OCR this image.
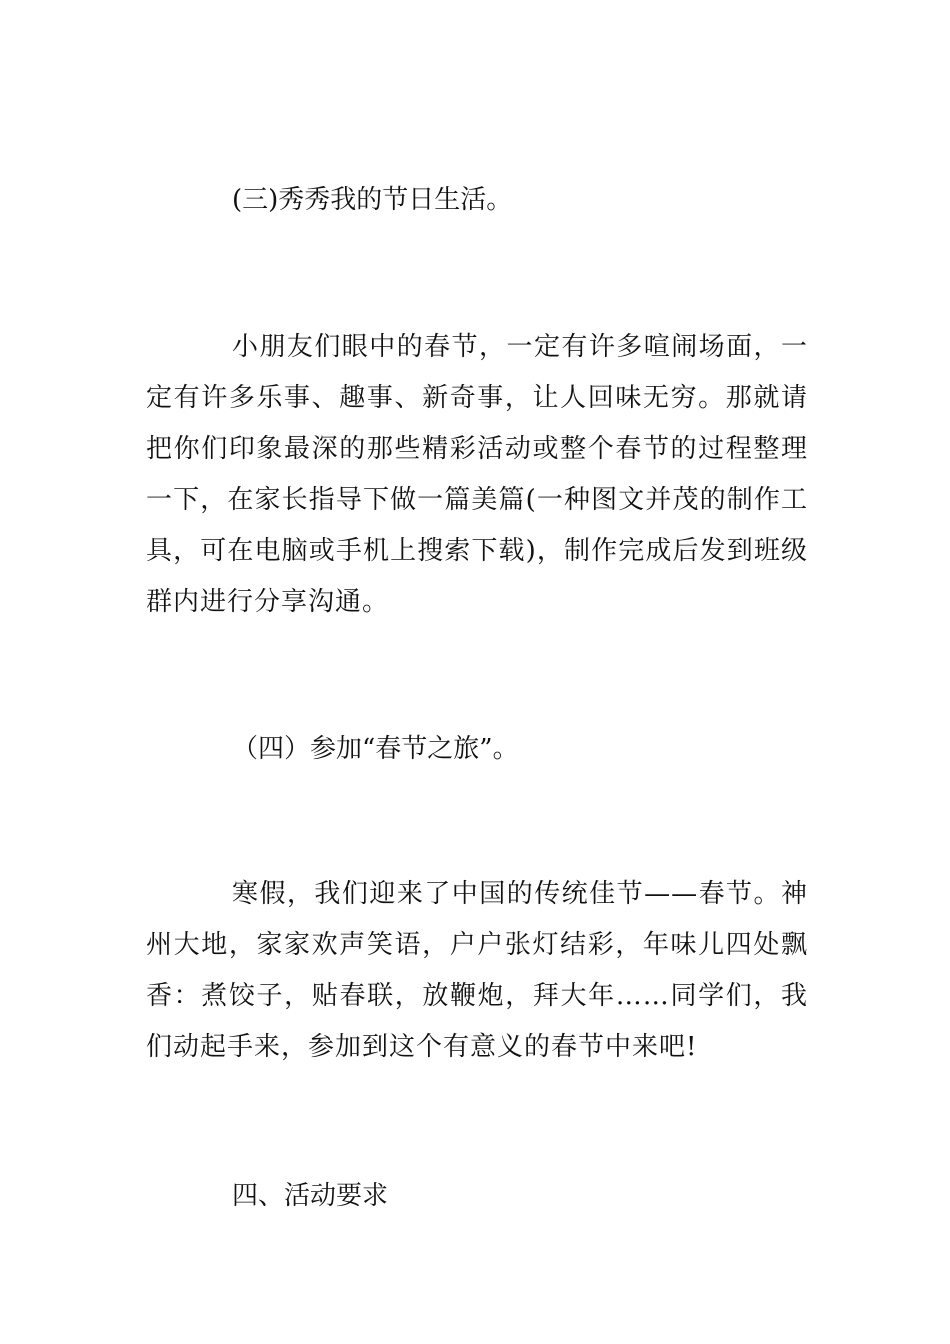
(三)秀秀我的节日生活。

小朋友们眼中的春节，一定有许多喧闹场面，一定有许多乐事、趣事、新奇事，让人回味无穷。那就请把你们印象最深的那些精彩活动或整个春节的过程整理一下，在家长指导下做一篇美篇(一种图文并茂的制作工具，可在电脑或手机上搜索下载)，制作完成后发到班级群内进行分享沟通。

（四）参加“春节之旅”。

寒假，我们迎来了中国的传统佳节——春节。神州大地，家家欢声笑语，户户张灯结彩，年味儿四处飘香：煮饺子，贴春联，放鞭炮，拜大年……同学们，我们动起手来，参加到这个有意义的春节中来吧!

四、活动要求
